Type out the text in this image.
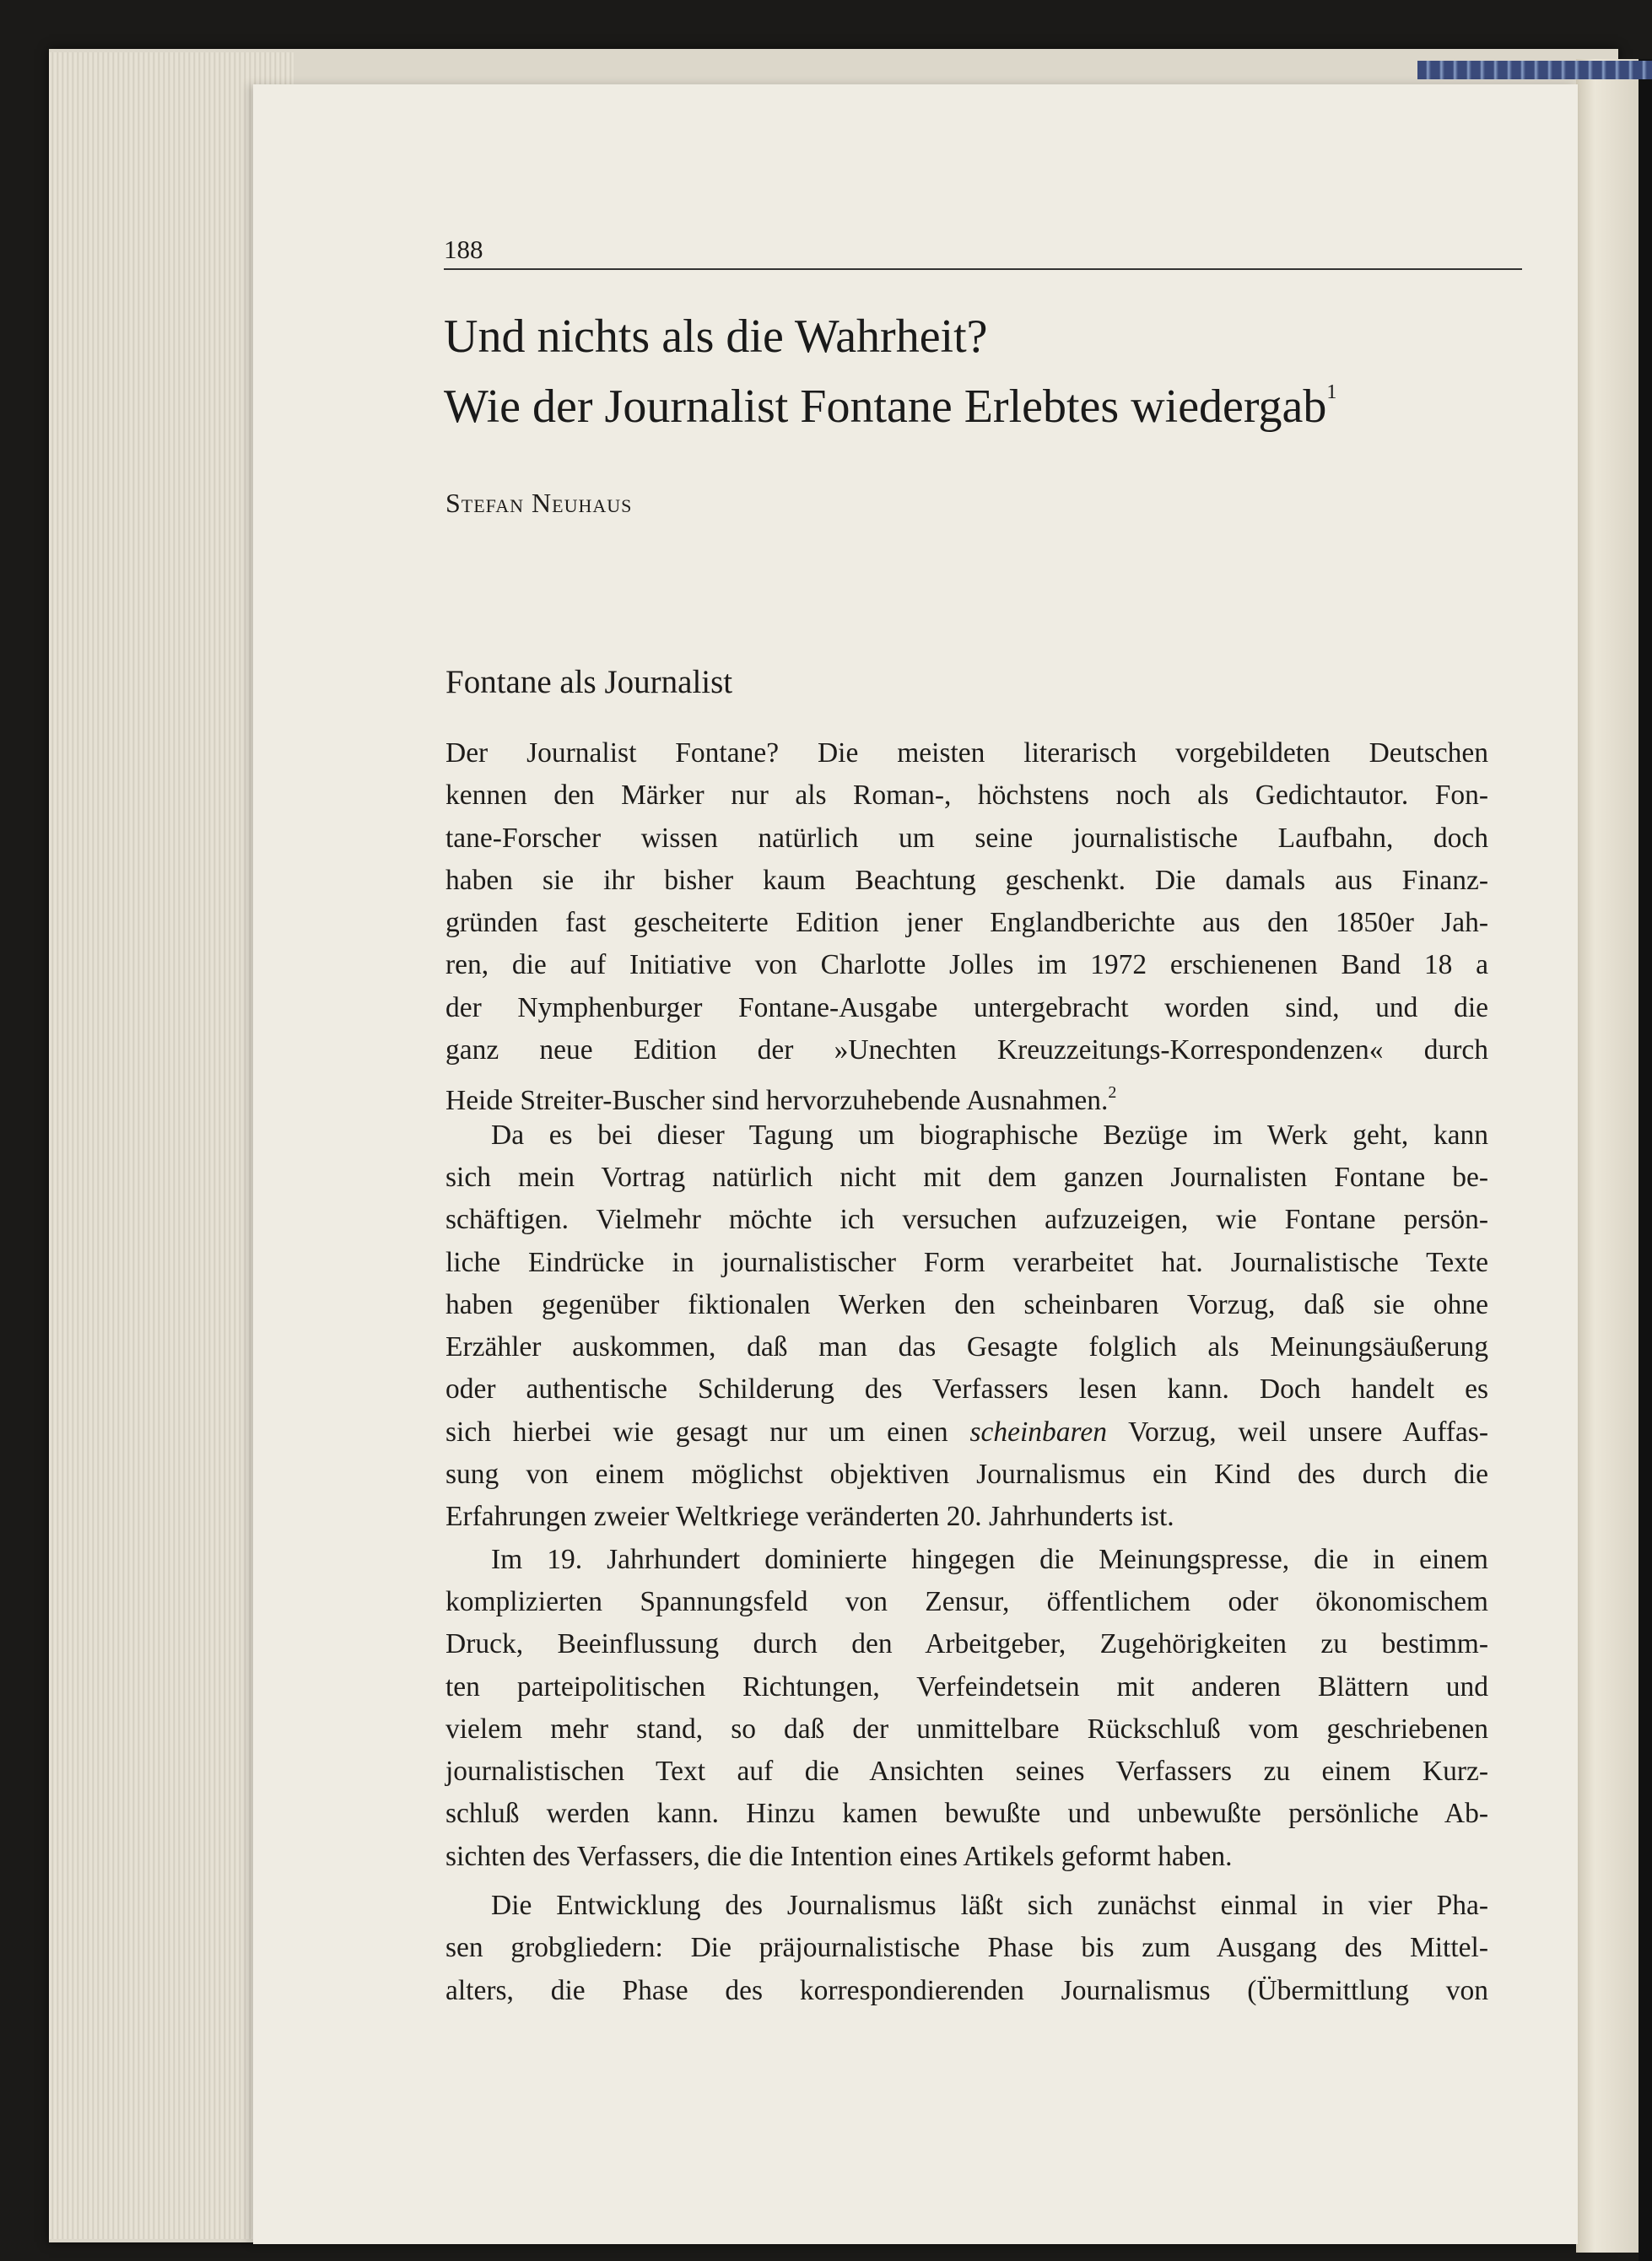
188
Und nichts als die Wahrheit?
Wie der Journalist Fontane Erlebtes wiedergab$^1$
Stefan Neuhaus
Fontane als Journalist
Der Journalist Fontane? Die meisten literarisch vorgebildeten Deutschen
kennen den Märker nur als Roman-, höchstens noch als Gedichtautor. Fon-
tane-Forscher wissen natürlich um seine journalistische Laufbahn, doch
haben sie ihr bisher kaum Beachtung geschenkt. Die damals aus Finanz-
gründen fast gescheiterte Edition jener Englandberichte aus den 1850er Jah-
ren, die auf Initiative von Charlotte Jolles im 1972 erschienenen Band 18 a
der Nymphenburger Fontane-Ausgabe untergebracht worden sind, und die
ganz neue Edition der »Unechten Kreuzzeitungs-Korrespondenzen« durch
Heide Streiter-Buscher sind hervorzuhebende Ausnahmen.$^2$
Da es bei dieser Tagung um biographische Bezüge im Werk geht, kann
sich mein Vortrag natürlich nicht mit dem ganzen Journalisten Fontane be-
schäftigen. Vielmehr möchte ich versuchen aufzuzeigen, wie Fontane persön-
liche Eindrücke in journalistischer Form verarbeitet hat. Journalistische Texte
haben gegenüber fiktionalen Werken den scheinbaren Vorzug, daß sie ohne
Erzähler auskommen, daß man das Gesagte folglich als Meinungsäußerung
oder authentische Schilderung des Verfassers lesen kann. Doch handelt es
sich hierbei wie gesagt nur um einen scheinbaren Vorzug, weil unsere Auffas-
sung von einem möglichst objektiven Journalismus ein Kind des durch die
Erfahrungen zweier Weltkriege veränderten 20. Jahrhunderts ist.
Im 19. Jahrhundert dominierte hingegen die Meinungspresse, die in einem
komplizierten Spannungsfeld von Zensur, öffentlichem oder ökonomischem
Druck, Beeinflussung durch den Arbeitgeber, Zugehörigkeiten zu bestimm-
ten parteipolitischen Richtungen, Verfeindetsein mit anderen Blättern und
vielem mehr stand, so daß der unmittelbare Rückschluß vom geschriebenen
journalistischen Text auf die Ansichten seines Verfassers zu einem Kurz-
schluß werden kann. Hinzu kamen bewußte und unbewußte persönliche Ab-
sichten des Verfassers, die die Intention eines Artikels geformt haben.
Die Entwicklung des Journalismus läßt sich zunächst einmal in vier Pha-
sen grobgliedern: Die präjournalistische Phase bis zum Ausgang des Mittel-
alters, die Phase des korrespondierenden Journalismus (Übermittlung von
